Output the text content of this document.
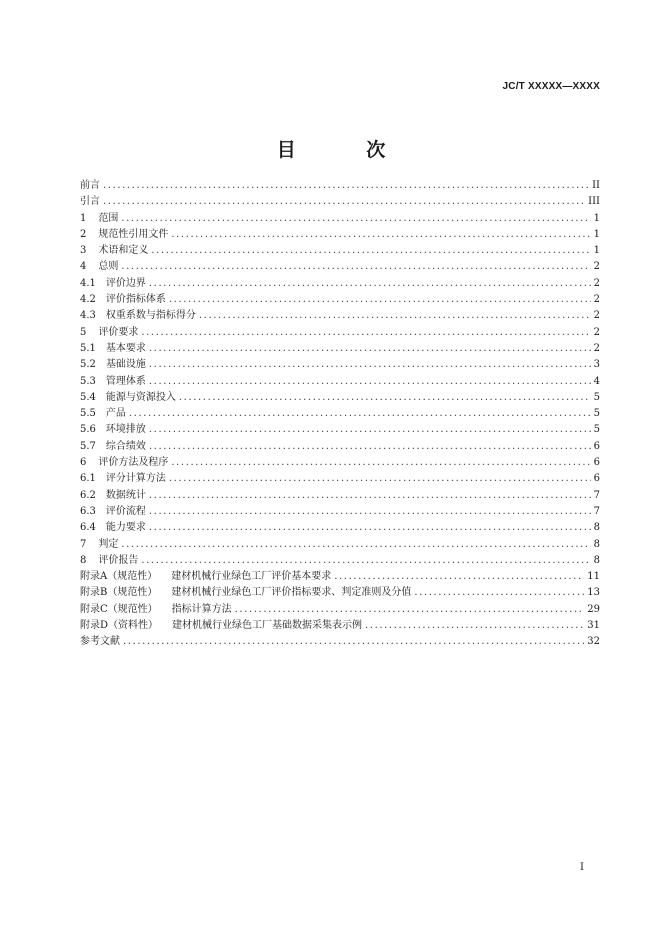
JC/T XXXXX—XXXX
目 次
前言 .....	II
引言 .....	III
1 范围 .....	1
2 规范性引用文件 .....	1
3 术语和定义 .....	1
4 总则 .....	2
4.1 评价边界 .....	2
4.2 评价指标体系 .....	2
4.3 权重系数与指标得分 .....	2
5 评价要求 .....	2
5.1 基本要求 .....	2
5.2 基础设施 .....	3
5.3 管理体系 .....	4
5.4 能源与资源投入 .....	5
5.5 产品 .....	5
5.6 环境排放 .....	5
5.7 综合绩效 .....	6
6 评价方法及程序 .....	6
6.1 评分计算方法 .....	6
6.2 数据统计 .....	7
6.3 评价流程 .....	7
6.4 能力要求 .....	8
7 判定 .....	8
8 评价报告 .....	8
附录A（规范性） 建材机械行业绿色工厂评价基本要求 .....	11
附录B（规范性） 建材机械行业绿色工厂评价指标要求、判定准则及分值 .....	13
附录C（规范性） 指标计算方法 .....	29
附录D（资料性） 建材机械行业绿色工厂基础数据采集表示例 .....	31
参考文献 .....	32
I
